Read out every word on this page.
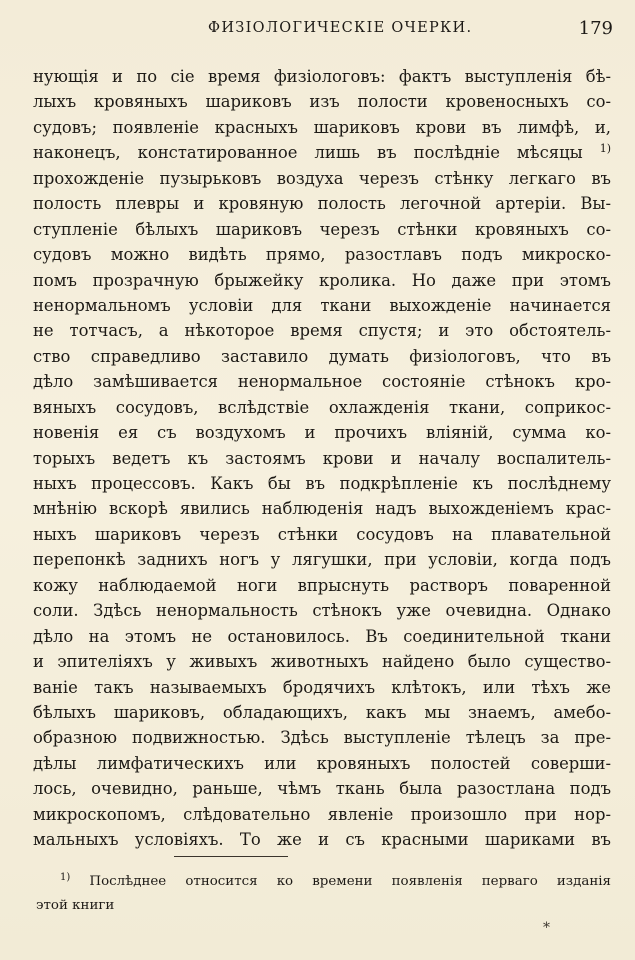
ФИЗІОЛОГИЧЕСКІЕ ОЧЕРКИ.	179
нующія и по сіе время физіологовъ: фактъ выступленія бѣ-
лыхъ кровяныхъ шариковъ изъ полости кровеносныхъ со-
судовъ; появленіе красныхъ шариковъ крови въ лимфѣ, и,
наконецъ, констатированное лишь въ послѣдніе мѣсяцы $^{1)}$
прохожденіе пузырьковъ воздуха черезъ стѣнку легкаго въ
полость плевры и кровяную полость легочной артеріи. Вы-
ступленіе бѣлыхъ шариковъ черезъ стѣнки кровяныхъ со-
судовъ можно видѣть прямо, разостлавъ подъ микроско-
помъ прозрачную брыжейку кролика. Но даже при этомъ
ненормальномъ условіи для ткани выхожденіе начинается
не тотчасъ, а нѣкоторое время спустя; и это обстоятель-
ство справедливо заставило думать физіологовъ, что въ
дѣло замѣшивается ненормальное состояніе стѣнокъ кро-
вяныхъ сосудовъ, вслѣдствіе охлажденія ткани, соприкос-
новенія ея съ воздухомъ и прочихъ вліяній, сумма ко-
торыхъ ведетъ къ застоямъ крови и началу воспалитель-
ныхъ процессовъ. Какъ бы въ подкрѣпленіе къ послѣднему
мнѣнію вскорѣ явились наблюденія надъ выхожденіемъ крас-
ныхъ шариковъ черезъ стѣнки сосудовъ на плавательной
перепонкѣ заднихъ ногъ у лягушки, при условіи, когда подъ
кожу наблюдаемой ноги впрыснуть растворъ поваренной
соли. Здѣсь ненормальность стѣнокъ уже очевидна. Однако
дѣло на этомъ не остановилось. Въ соединительной ткани
и эпителіяхъ у живыхъ животныхъ найдено было существо-
ваніе такъ называемыхъ бродячихъ клѣтокъ, или тѣхъ же
бѣлыхъ шариковъ, обладающихъ, какъ мы знаемъ, амебо-
образною подвижностью. Здѣсь выступленіе тѣлецъ за пре-
дѣлы лимфатическихъ или кровяныхъ полостей соверши-
лось, очевидно, раньше, чѣмъ ткань была разостлана подъ
микроскопомъ, слѣдовательно явленіе произошло при нор-
мальныхъ условіяхъ. То же и съ красными шариками въ
$^{1)}$ Послѣднее относится ко времени появленія перваго изданія
этой книги
*
